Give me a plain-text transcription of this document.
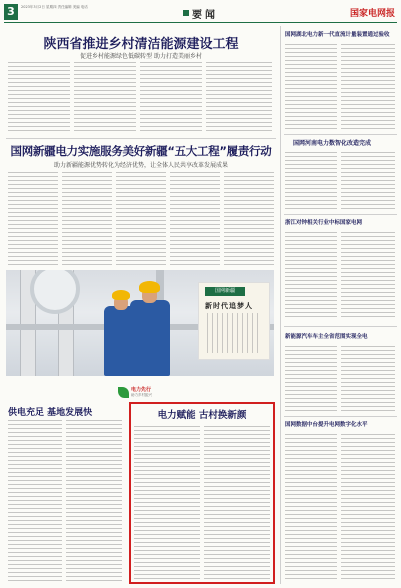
3	2023年3月2日 星期四 责任编辑 美编 电话
要闻	国家电网报
陕西省推进乡村清洁能源建设工程
促进乡村能源绿色低碳转型 助力打造美丽乡村
国网新疆电力实施服务美好新疆“五大工程”履责行动
助力新疆能源优势转化为经济优势，让全体人民共享改革发展成果
国网新疆
新时代追梦人
国网湖北电力新一代直流计量装置通过验收
国网河南电力数智化改造完成
浙江对钟相关行业中标国家电网
新能源汽车车主全省范围实现全电
国网数据中台提升电网数字化水平
电力先行
助力乡村振兴
供电充足 基地发展快	电力赋能 古村换新颜
